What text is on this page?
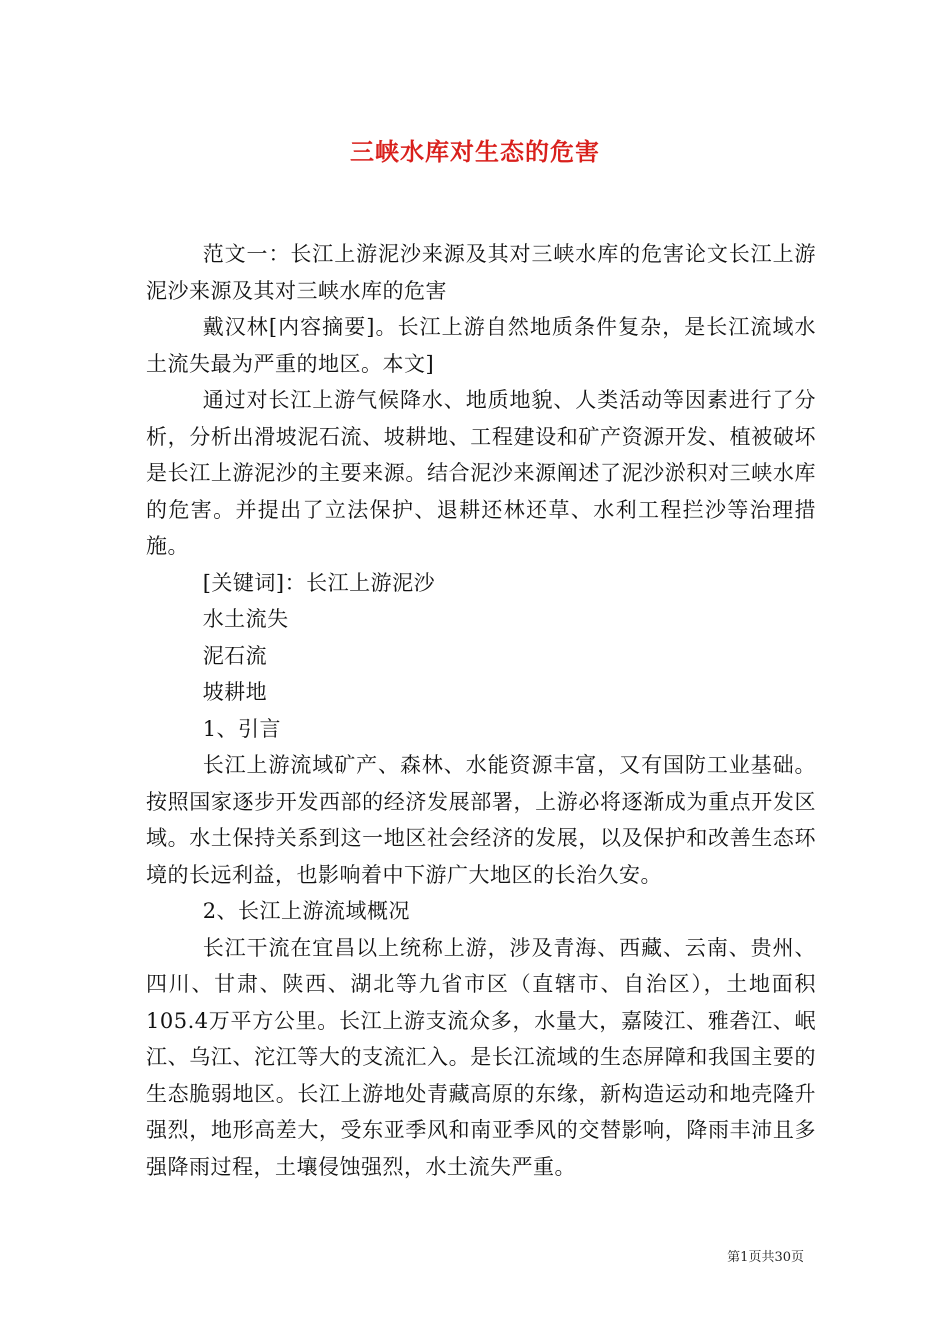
三峡水库对生态的危害

范文一：长江上游泥沙来源及其对三峡水库的危害论文长江上游泥沙来源及其对三峡水库的危害

戴汉林[内容摘要]。长江上游自然地质条件复杂，是长江流域水土流失最为严重的地区。本文]

通过对长江上游气候降水、地质地貌、人类活动等因素进行了分析，分析出滑坡泥石流、坡耕地、工程建设和矿产资源开发、植被破坏是长江上游泥沙的主要来源。结合泥沙来源阐述了泥沙淤积对三峡水库的危害。并提出了立法保护、退耕还林还草、水利工程拦沙等治理措施。

[关键词]：长江上游泥沙

水土流失

泥石流

坡耕地

1、引言

长江上游流域矿产、森林、水能资源丰富，又有国防工业基础。按照国家逐步开发西部的经济发展部署，上游必将逐渐成为重点开发区域。水土保持关系到这一地区社会经济的发展，以及保护和改善生态环境的长远利益，也影响着中下游广大地区的长治久安。

2、长江上游流域概况

长江干流在宜昌以上统称上游，涉及青海、西藏、云南、贵州、四川、甘肃、陕西、湖北等九省市区（直辖市、自治区），土地面积105.4万平方公里。长江上游支流众多，水量大，嘉陵江、雅砻江、岷江、乌江、沱江等大的支流汇入。是长江流域的生态屏障和我国主要的生态脆弱地区。长江上游地处青藏高原的东缘，新构造运动和地壳隆升强烈，地形高差大，受东亚季风和南亚季风的交替影响，降雨丰沛且多强降雨过程，土壤侵蚀强烈，水土流失严重。

第1页共30页
